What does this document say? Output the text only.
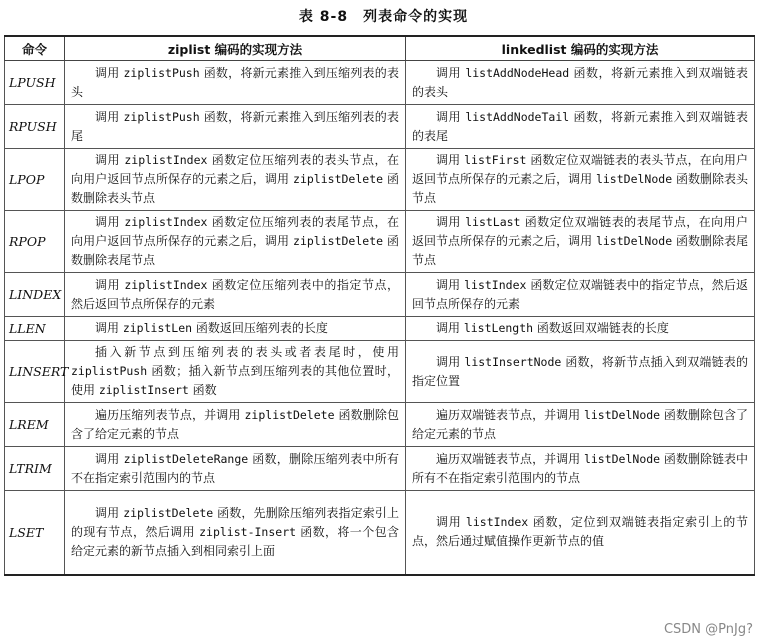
表 8-8　列表命令的实现
命令	ziplist 编码的实现方法	linkedlist 编码的实现方法
LPUSH	调用 ziplistPush 函数，将新元素推入到压缩列表的表头	调用 listAddNodeHead 函数，将新元素推入到双端链表的表头
RPUSH	调用 ziplistPush 函数，将新元素推入到压缩列表的表尾	调用 listAddNodeTail 函数，将新元素推入到双端链表的表尾
LPOP	调用 ziplistIndex 函数定位压缩列表的表头节点，在向用户返回节点所保存的元素之后，调用 ziplistDelete 函数删除表头节点	调用 listFirst 函数定位双端链表的表头节点，在向用户返回节点所保存的元素之后，调用 listDelNode 函数删除表头节点
RPOP	调用 ziplistIndex 函数定位压缩列表的表尾节点，在向用户返回节点所保存的元素之后，调用 ziplistDelete 函数删除表尾节点	调用 listLast 函数定位双端链表的表尾节点，在向用户返回节点所保存的元素之后，调用 listDelNode 函数删除表尾节点
LINDEX	调用 ziplistIndex 函数定位压缩列表中的指定节点，然后返回节点所保存的元素	调用 listIndex 函数定位双端链表中的指定节点，然后返回节点所保存的元素
LLEN	调用 ziplistLen 函数返回压缩列表的长度	调用 listLength 函数返回双端链表的长度
LINSERT	插入新节点到压缩列表的表头或者表尾时，使用 ziplistPush 函数；插入新节点到压缩列表的其他位置时，使用 ziplistInsert 函数	调用 listInsertNode 函数，将新节点插入到双端链表的指定位置
LREM	遍历压缩列表节点，并调用 ziplistDelete 函数删除包含了给定元素的节点	遍历双端链表节点，并调用 listDelNode 函数删除包含了给定元素的节点
LTRIM	调用 ziplistDeleteRange 函数，删除压缩列表中所有不在指定索引范围内的节点	遍历双端链表节点，并调用 listDelNode 函数删除链表中所有不在指定索引范围内的节点
LSET	调用 ziplistDelete 函数，先删除压缩列表指定索引上的现有节点，然后调用 ziplist-Insert 函数，将一个包含给定元素的新节点插入到相同索引上面	调用 listIndex 函数，定位到双端链表指定索引上的节点，然后通过赋值操作更新节点的值
CSDN @PnJg?
